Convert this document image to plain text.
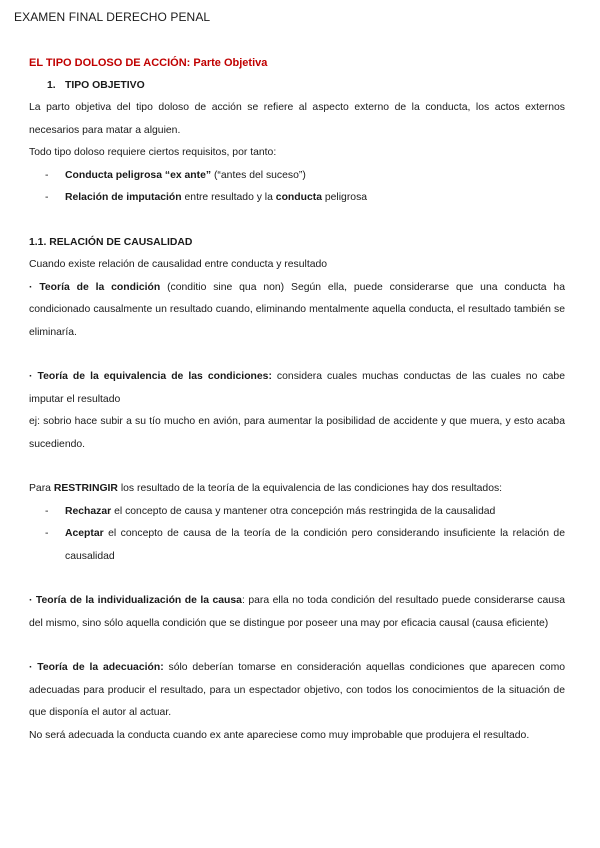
EXAMEN FINAL DERECHO PENAL

EL TIPO DOLOSO DE ACCIÓN: Parte Objetiva

1. TIPO OBJETIVO

La parto objetiva del tipo doloso de acción se refiere al aspecto externo de la conducta, los actos externos necesarios para matar a alguien.

Todo tipo doloso requiere ciertos requisitos, por tanto:

- Conducta peligrosa “ex ante” (“antes del suceso”)
- Relación de imputación entre resultado y la conducta peligrosa

1.1. RELACIÓN DE CAUSALIDAD

Cuando existe relación de causalidad entre conducta y resultado

· Teoría de la condición (conditio sine qua non) Según ella, puede considerarse que una conducta ha condicionado causalmente un resultado cuando, eliminando mentalmente aquella conducta, el resultado también se eliminaría.

· Teoría de la equivalencia de las condiciones: considera cuales muchas conductas de las cuales no cabe imputar el resultado

ej: sobrio hace subir a su tío mucho en avión, para aumentar la posibilidad de accidente y que muera, y esto acaba sucediendo.

Para RESTRINGIR los resultado de la teoría de la equivalencia de las condiciones hay dos resultados:

- Rechazar el concepto de causa y mantener otra concepción más restringida de la causalidad
- Aceptar el concepto de causa de la teoría de la condición pero considerando insuficiente la relación de causalidad

· Teoría de la individualización de la causa: para ella no toda condición del resultado puede considerarse causa del mismo, sino sólo aquella condición que se distingue por poseer una may por eficacia causal (causa eficiente)

· Teoría de la adecuación: sólo deberían tomarse en consideración aquellas condiciones que aparecen como adecuadas para producir el resultado, para un espectador objetivo, con todos los conocimientos de la situación de que disponía el autor al actuar.

No será adecuada la conducta cuando ex ante apareciese como muy improbable que produjera el resultado.
